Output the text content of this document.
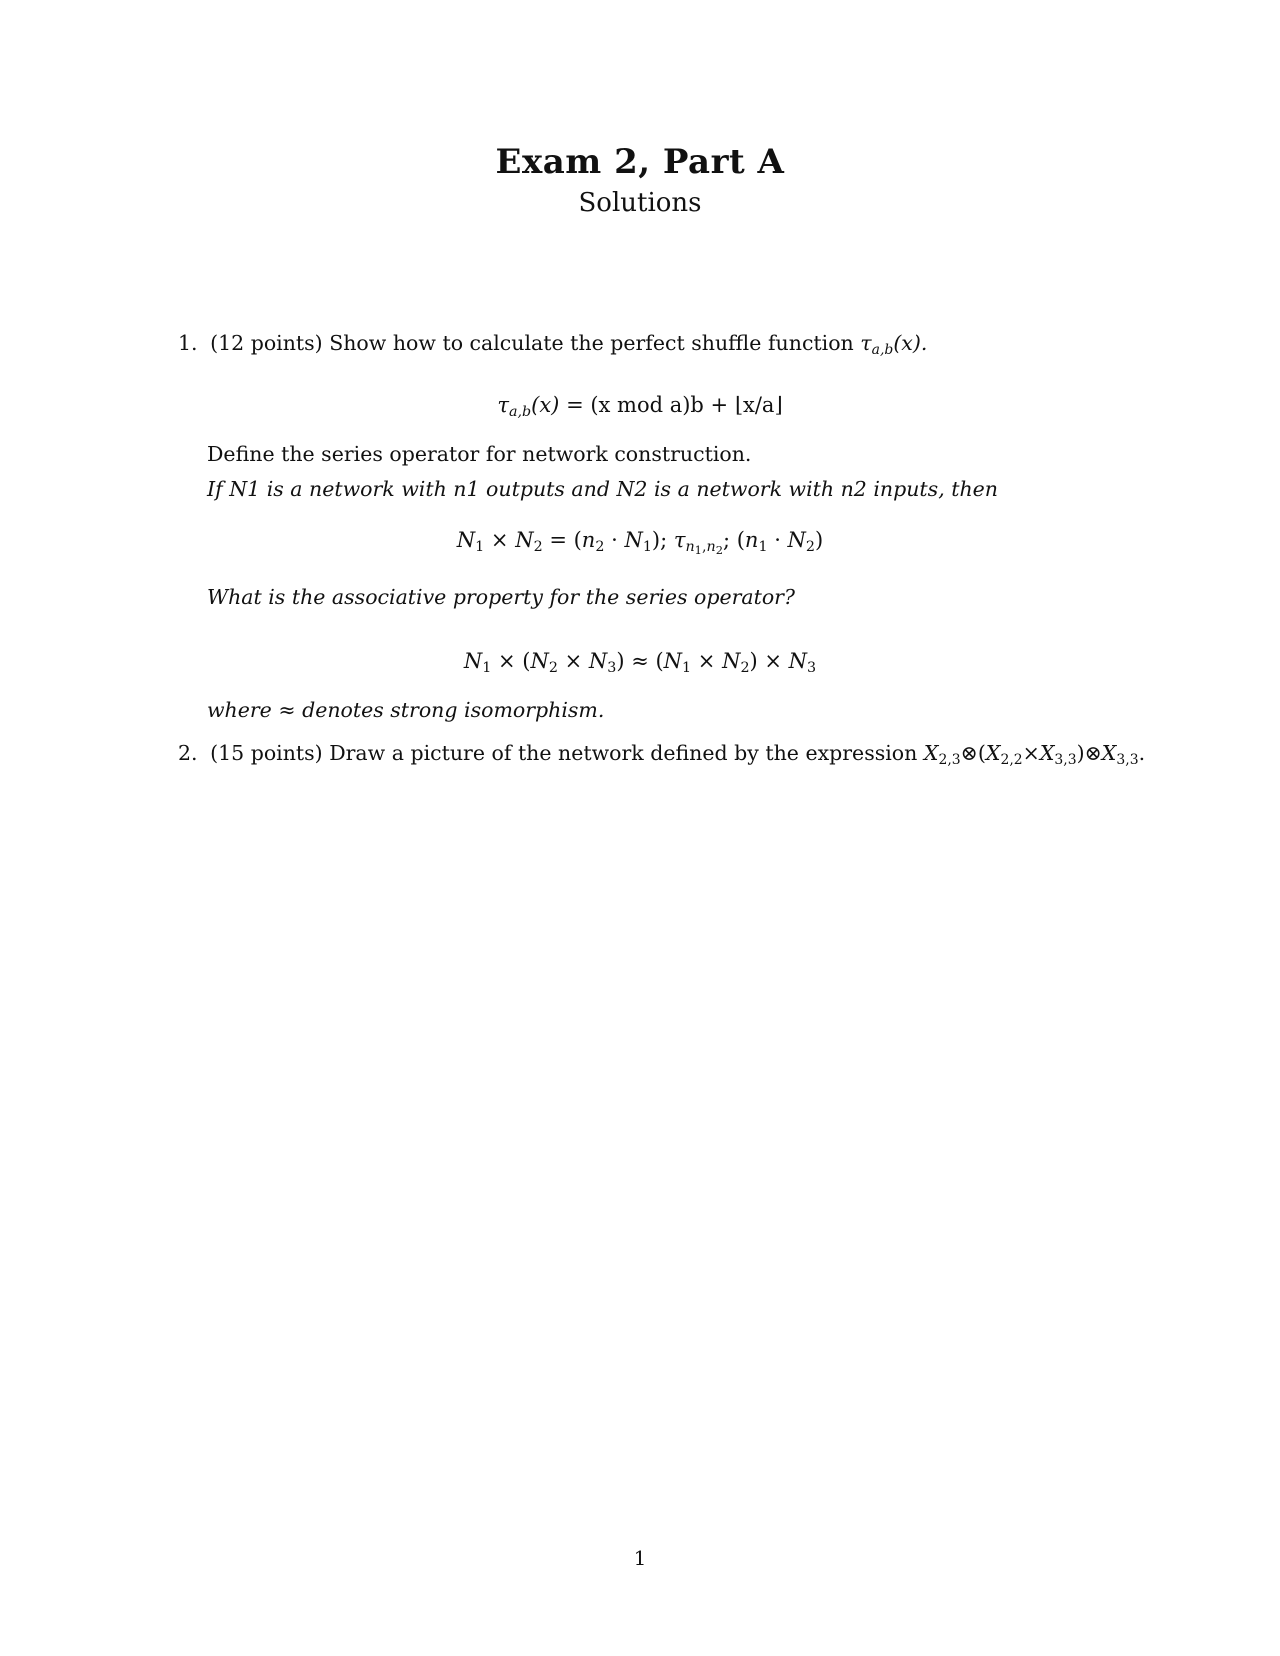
Exam 2, Part A
Solutions
1. (12 points) Show how to calculate the perfect shuffle function $\tau_{a,b}(x)$.
$\tau_{a,b}(x) = (x$ mod a)b + ⌊x/a⌋
Define the series operator for network construction.
If N1 is a network with n1 outputs and N2 is a network with n2 inputs, then
$N_1 \times N_2 = (n_2 \cdot N_1)$; $\tau_{n_1,n_2}$; $(n_1 \cdot N_2)$
What is the associative property for the series operator?
$N_1 \times (N_2 \times N_3) \approx (N_1 \times N_2) \times N_3$
where ≈ denotes strong isomorphism.
2. (15 points) Draw a picture of the network defined by the expression $X_{2,3}\otimes(X_{2,2}\times X_{3,3})\otimes X_{3,3}$.
1
